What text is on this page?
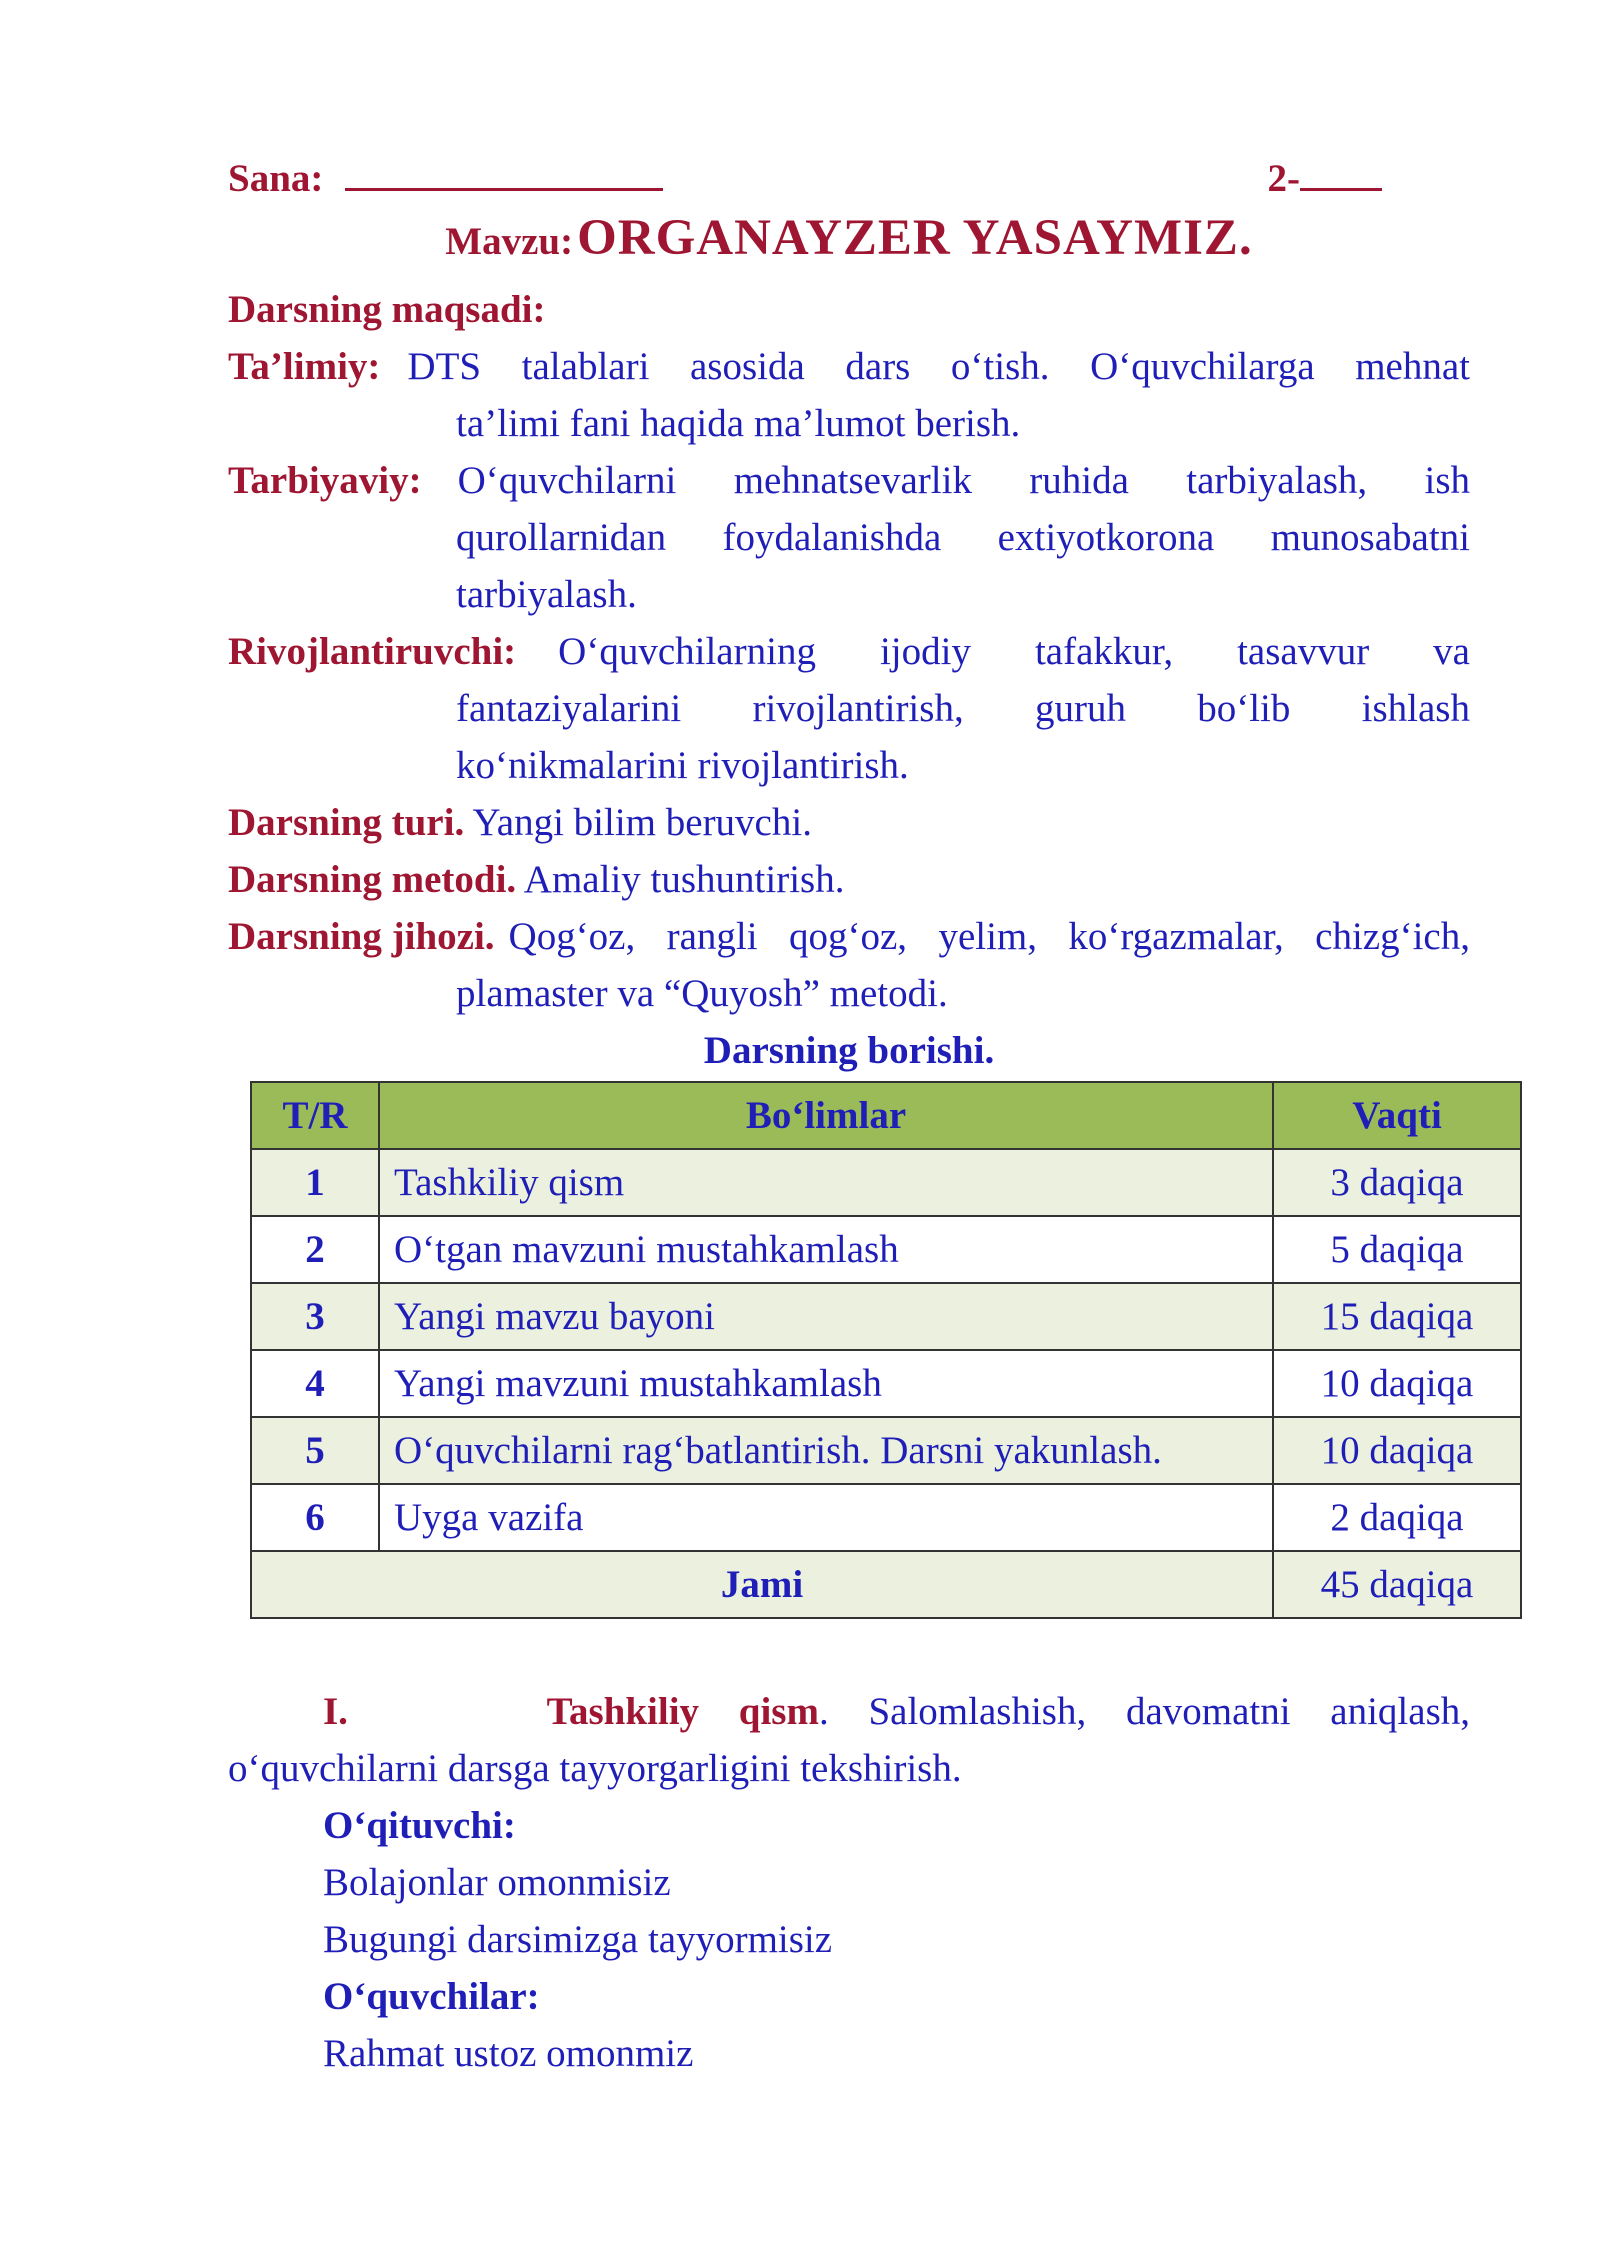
Sana:	2-
Mavzu: ORGANAYZER YASAYMIZ.
Darsning maqsadi:
Ta’limiy: DTS talablari asosida dars o‘tish. O‘quvchilarga mehnat
ta’limi fani haqida ma’lumot berish.
Tarbiyaviy: O‘quvchilarni mehnatsevarlik ruhida tarbiyalash, ish
qurollarnidan foydalanishda extiyotkorona munosabatni
tarbiyalash.
Rivojlantiruvchi: O‘quvchilarning ijodiy tafakkur, tasavvur va
fantaziyalarini rivojlantirish, guruh bo‘lib ishlash
ko‘nikmalarini rivojlantirish.
Darsning turi. Yangi bilim beruvchi.
Darsning metodi. Amaliy tushuntirish.
Darsning jihozi. Qog‘oz, rangli qog‘oz, yelim, ko‘rgazmalar, chizg‘ich,
plamaster va “Quyosh” metodi.
Darsning borishi.
T/R	Bo‘limlar	Vaqti
1	Tashkiliy qism	3 daqiqa
2	O‘tgan mavzuni mustahkamlash	5 daqiqa
3	Yangi mavzu bayoni	15 daqiqa
4	Yangi mavzuni mustahkamlash	10 daqiqa
5	O‘quvchilarni rag‘batlantirish. Darsni yakunlash.	10 daqiqa
6	Uyga vazifa	2 daqiqa
Jami		45 daqiqa
I.	Tashkiliy qism. Salomlashish, davomatni aniqlash,
o‘quvchilarni darsga tayyorgarligini tekshirish.
O‘qituvchi:
Bolajonlar omonmisiz
Bugungi darsimizga tayyormisiz
O‘quvchilar:
Rahmat ustoz omonmiz
